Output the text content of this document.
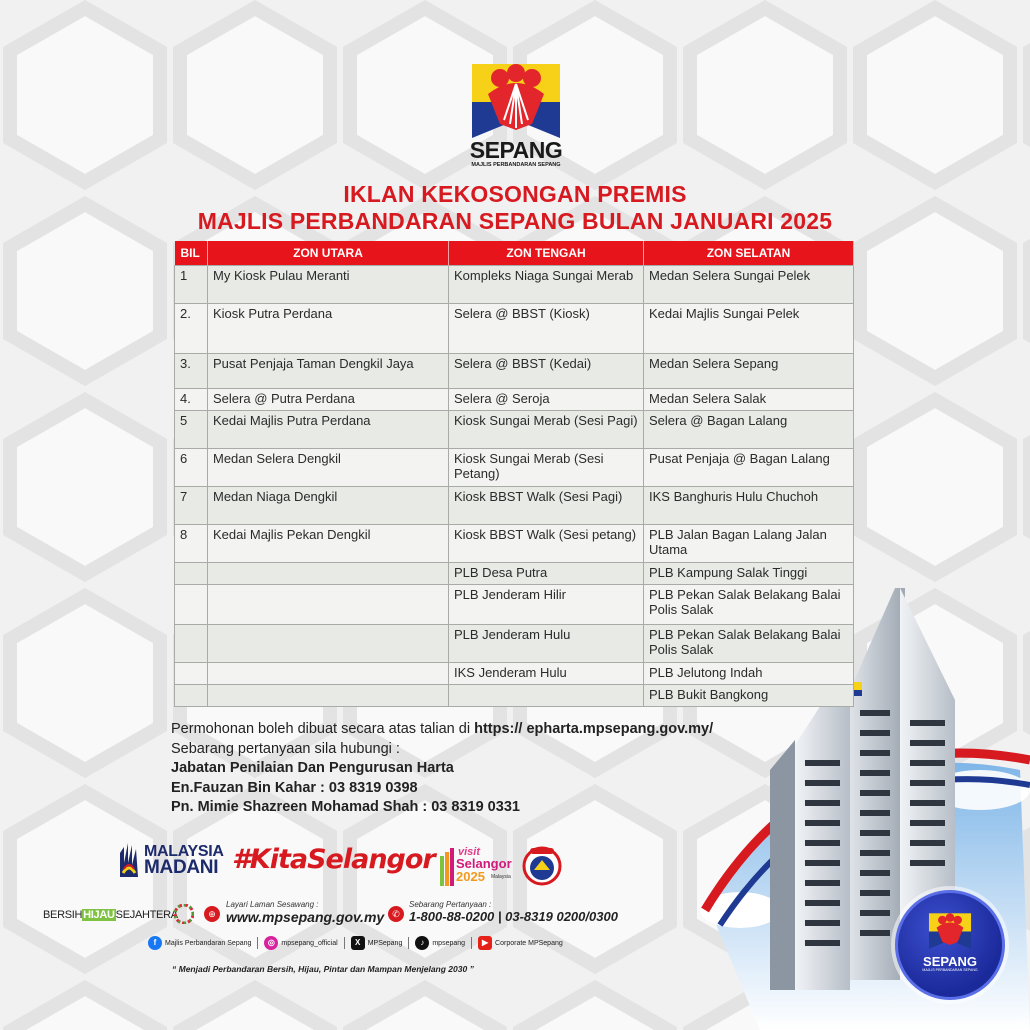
SEPANG
MAJLIS PERBANDARAN SEPANG
IKLAN KEKOSONGAN PREMIS
MAJLIS PERBANDARAN SEPANG BULAN JANUARI 2025
BIL	ZON UTARA	ZON TENGAH	ZON SELATAN
1	My Kiosk Pulau Meranti	Kompleks Niaga Sungai Merab	Medan Selera Sungai Pelek
2.	Kiosk Putra Perdana	Selera @ BBST (Kiosk)	Kedai Majlis Sungai Pelek
3.	Pusat Penjaja Taman Dengkil Jaya	Selera @ BBST (Kedai)	Medan Selera Sepang
4.	Selera @ Putra Perdana	Selera @ Seroja	Medan Selera Salak
5	Kedai Majlis Putra Perdana	Kiosk Sungai Merab (Sesi Pagi)	Selera @ Bagan Lalang
6	Medan Selera Dengkil	Kiosk Sungai Merab (Sesi Petang)	Pusat Penjaja @ Bagan Lalang
7	Medan Niaga Dengkil	Kiosk BBST Walk (Sesi Pagi)	IKS Banghuris Hulu Chuchoh
8	Kedai Majlis Pekan Dengkil	Kiosk BBST Walk (Sesi petang)	PLB Jalan Bagan Lalang Jalan Utama
		PLB Desa Putra	PLB Kampung Salak Tinggi
		PLB Jenderam Hilir	PLB Pekan Salak Belakang Balai Polis Salak
		PLB Jenderam Hulu	PLB Pekan Salak Belakang Balai Polis Salak
		IKS Jenderam Hulu	PLB Jelutong Indah
			PLB Bukit Bangkong
Permohonan boleh dibuat secara atas talian di https:// epharta.mpsepang.gov.my/
Sebarang pertanyaan sila hubungi :
Jabatan Penilaian Dan Pengurusan Harta
En.Fauzan Bin Kahar : 03 8319 0398
Pn. Mimie Shazreen Mohamad Shah : 03 8319 0331
MALAYSIA
MADANI #KitaSelangor visit
Selangor
2025 Malaysia
BERSIHHIJAUSEJAHTERA	⊕
Layari Laman Sesawang :
www.mpsepang.gov.my ✆
Sebarang Pertanyaan :
1-800-88-0200 | 03-8319 0200/0300
f	Majlis Perbandaran Sepang	◎ mpsepang_official	X	MPSepang	♪	mpsepang	▶ Corporate MPSepang
“ Menjadi Perbandaran Bersih, Hijau, Pintar dan Mampan Menjelang 2030 ”	SEPANG
MAJLIS PERBANDARAN SEPANG
